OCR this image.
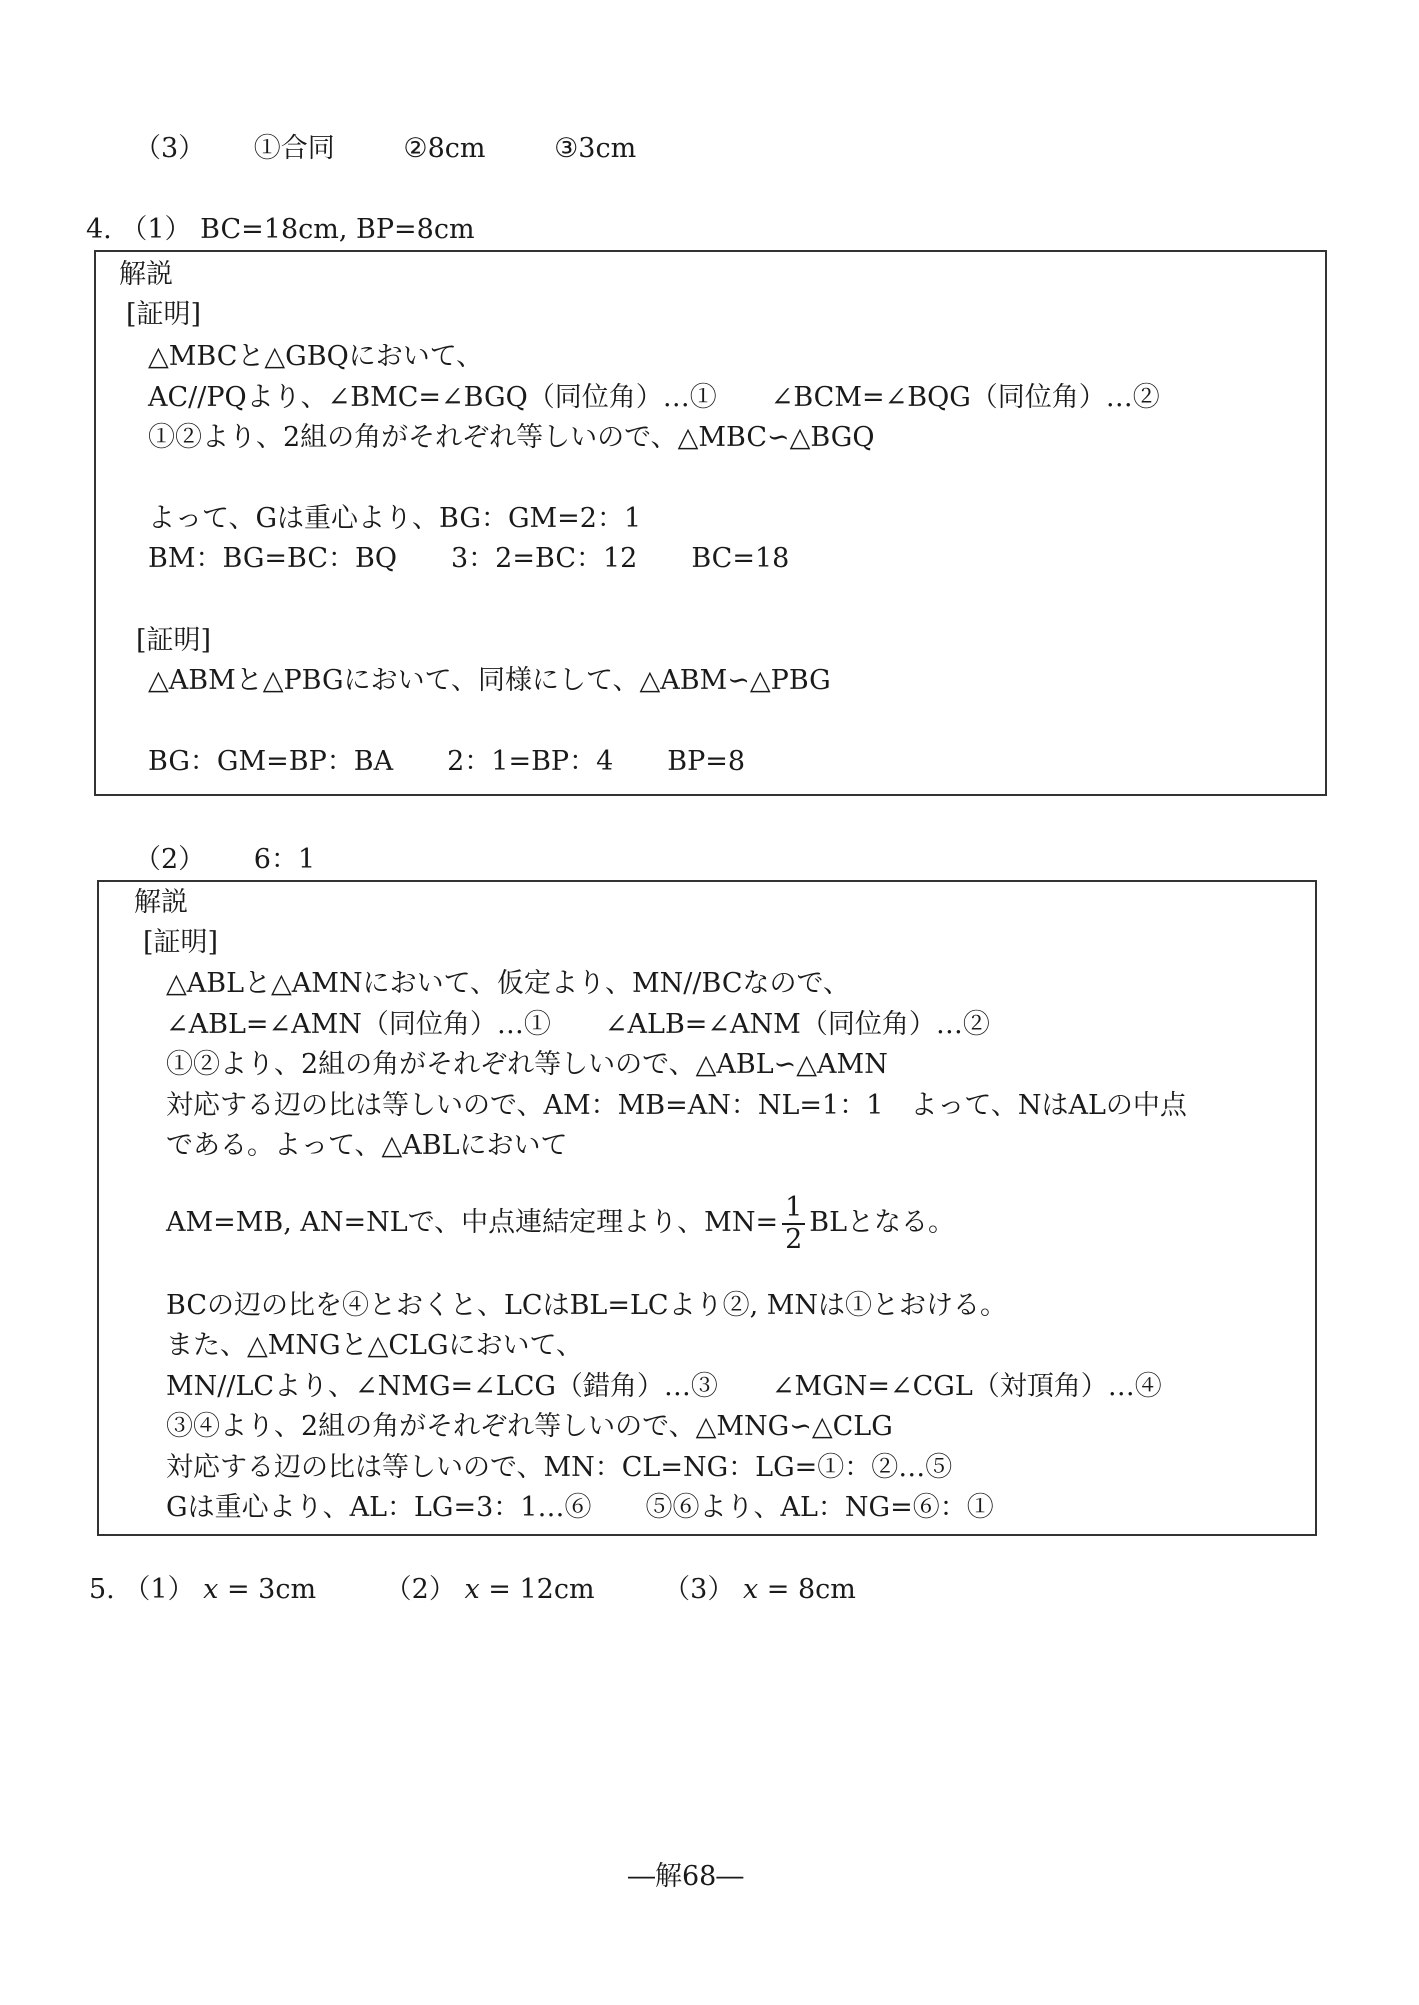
（3） ①合同	②8cm	③3cm
4. （1） BC=18cm, BP=8cm
解説
[証明]
△MBCと△GBQにおいて、
AC//PQより、∠BMC=∠BGQ（同位角）…①　　∠BCM=∠BQG（同位角）…②
①②より、2組の角がそれぞれ等しいので、△MBC∽△BGQ
よって、Gは重心より、BG：GM=2：1
BM：BG=BC：BQ　　3：2=BC：12　　BC=18
[証明]
△ABMと△PBGにおいて、同様にして、△ABM∽△PBG
BG：GM=BP：BA　　2：1=BP：4　　BP=8
（2） 6：1
解説
[証明]
△ABLと△AMNにおいて、仮定より、MN//BCなので、
∠ABL=∠AMN（同位角）…①　　∠ALB=∠ANM（同位角）…②
①②より、2組の角がそれぞれ等しいので、△ABL∽△AMN
対応する辺の比は等しいので、AM：MB=AN：NL=1：1　よって、NはALの中点
である。よって、△ABLにおいて
AM=MB, AN=NLで、中点連結定理より、$MN= \frac{1}{2}$ BLとなる。
BCの辺の比を④とおくと、LCはBL=LCより②, MNは①とおける。
また、△MNGと△CLGにおいて、
MN//LCより、∠NMG=∠LCG（錯角）…③　　∠MGN=∠CGL（対頂角）…④
③④より、2組の角がそれぞれ等しいので、△MNG∽△CLG
対応する辺の比は等しいので、MN：CL=NG：LG=①：②…⑤
Gは重心より、AL：LG=3：1…⑥　　⑤⑥より、AL：NG=⑥：①
5. （1） x = 3cm	（2） x = 12cm	（3） x = 8cm
―解68―
